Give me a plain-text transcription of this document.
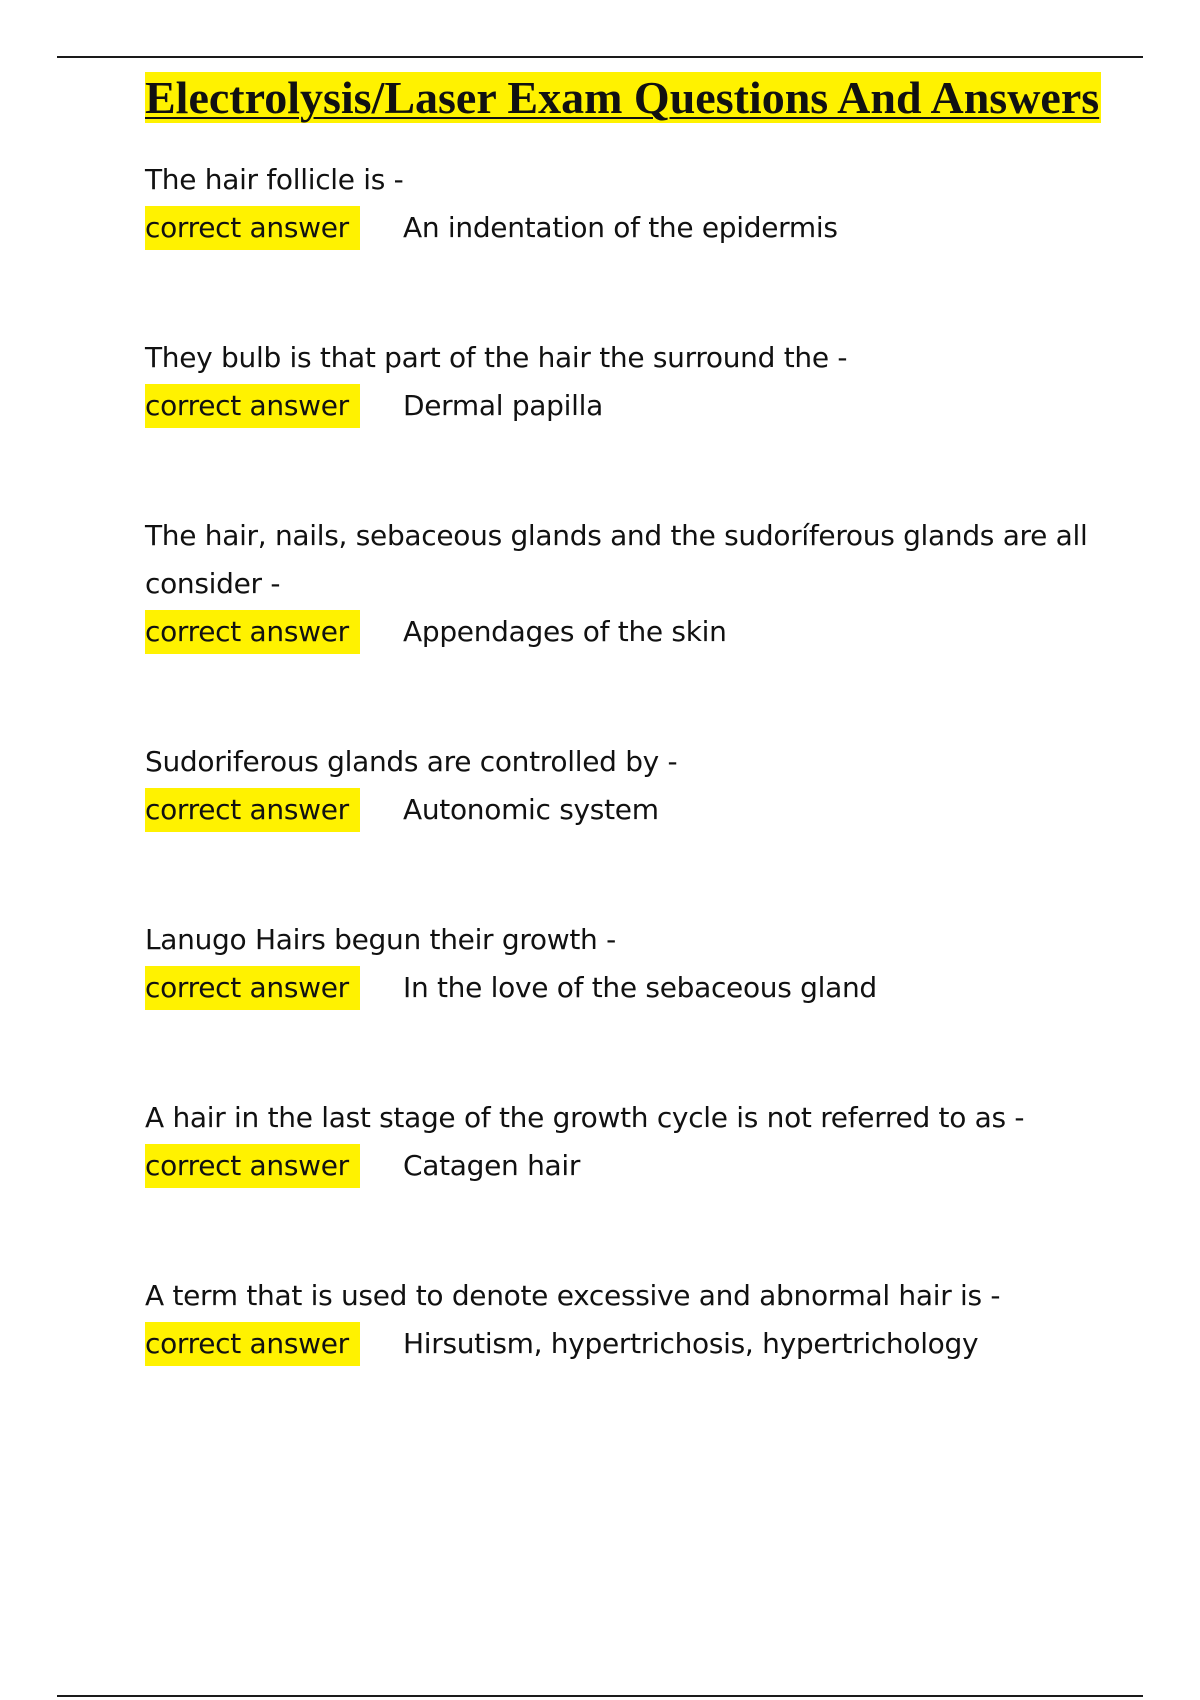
Electrolysis/Laser Exam Questions And Answers
The hair follicle is -
correct answer	An indentation of the epidermis
They bulb is that part of the hair the surround the -
correct answer	Dermal papilla
The hair, nails, sebaceous glands and the sudoríferous glands are all consider -
correct answer	Appendages of the skin
Sudoriferous glands are controlled by -
correct answer	Autonomic system
Lanugo Hairs begun their growth -
correct answer	In the love of the sebaceous gland
A hair in the last stage of the growth cycle is not referred to as -
correct answer	Catagen hair
A term that is used to denote excessive and abnormal hair is -
correct answer	Hirsutism, hypertrichosis, hypertrichology
